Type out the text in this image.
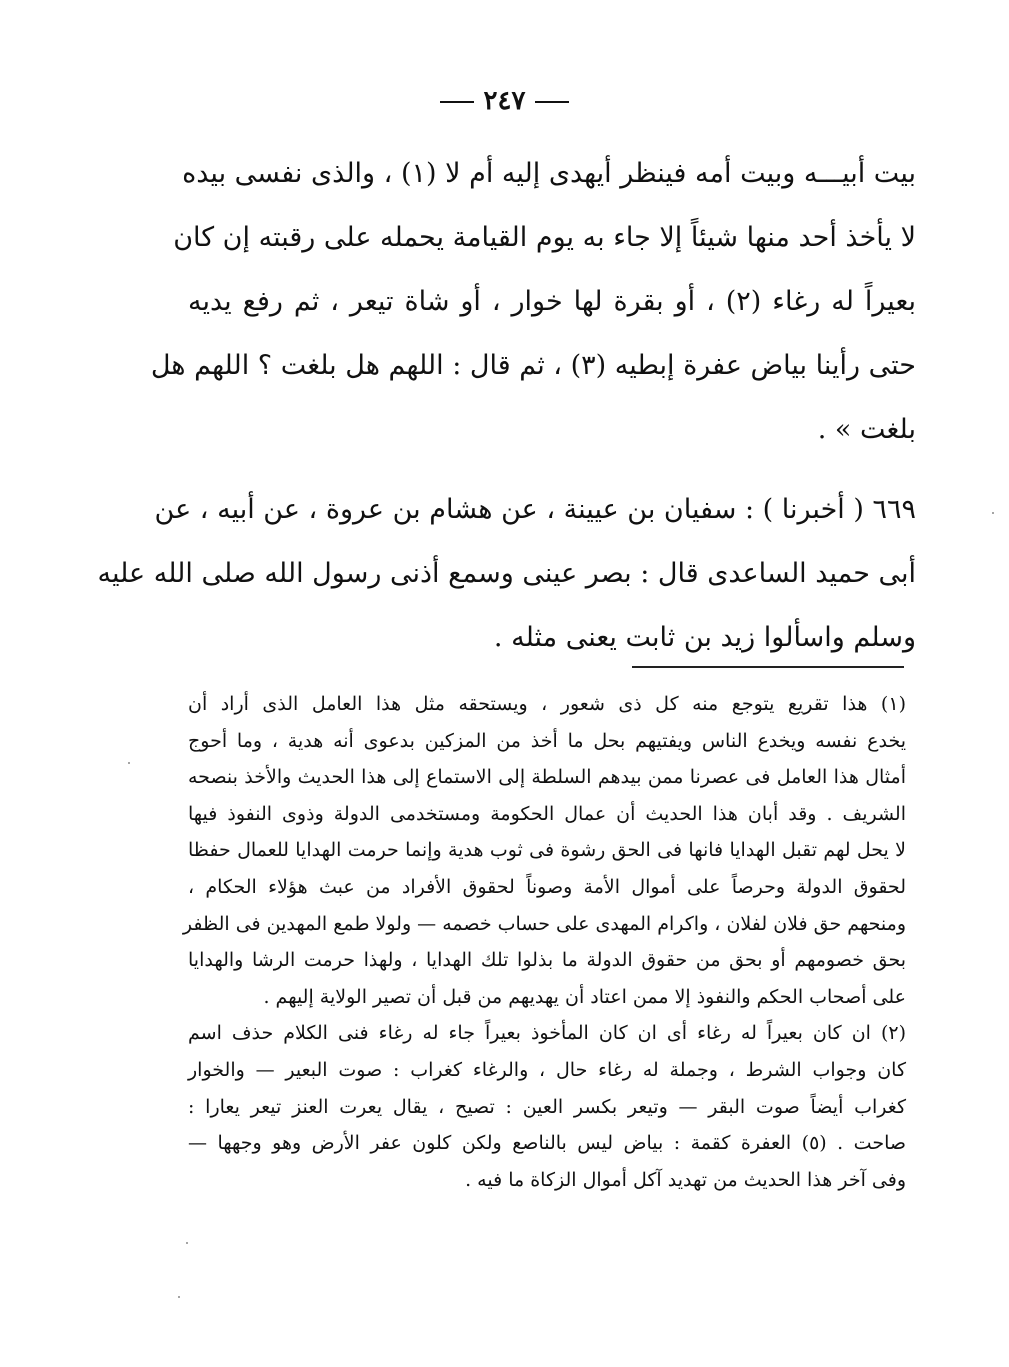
٢٤٧
بيت أبيـــه وبيت أمه فينظر أيهدى إليه أم لا (١) ، والذى نفسى بيده
لا يأخذ أحد منها شيئاً إلا جاء به يوم القيامة يحمله على رقبته إن كان
بعيراً له رغاء (٢) ، أو بقرة لها خوار ، أو شاة تيعر ، ثم رفع يديه
حتى رأينا بياض عفرة إبطيه (٣) ، ثم قال : اللهم هل بلغت ؟ اللهم هل
بلغت » .
٦٦٩ ( أخبرنا ) : سفيان بن عيينة ، عن هشام بن عروة ، عن أبيه ، عن
أبى حميد الساعدى قال : بصر عينى وسمع أذنى رسول الله صلى الله عليه
وسلم واسألوا زيد بن ثابت يعنى مثله .
(١) هذا تقريع يتوجع منه كل ذى شعور ، ويستحقه مثل هذا العامل الذى أراد أن
يخدع نفسه ويخدع الناس ويفتيهم بحل ما أخذ من المزكين بدعوى أنه هدية ، وما أحوج
أمثال هذا العامل فى عصرنا ممن بيدهم السلطة إلى الاستماع إلى هذا الحديث والأخذ بنصحه
الشريف . وقد أبان هذا الحديث أن عمال الحكومة ومستخدمى الدولة وذوى النفوذ فيها
لا يحل لهم تقبل الهدايا فانها فى الحق رشوة فى ثوب هدية وإنما حرمت الهدايا للعمال حفظا
لحقوق الدولة وحرصاً على أموال الأمة وصوناً لحقوق الأفراد من عبث هؤلاء الحكام ،
ومنحهم حق فلان لفلان ، واكرام المهدى على حساب خصمه — ولولا طمع المهدين فى الظفر
بحق خصومهم أو بحق من حقوق الدولة ما بذلوا تلك الهدايا ، ولهذا حرمت الرشا والهدايا
على أصحاب الحكم والنفوذ إلا ممن اعتاد أن يهديهم من قبل أن تصير الولاية إليهم .
(٢) ان كان بعيراً له رغاء أى ان كان المأخوذ بعيراً جاء له رغاء فنى الكلام حذف اسم
كان وجواب الشرط ، وجملة له رغاء حال ، والرغاء كغراب : صوت البعير — والخوار
كغراب أيضاً صوت البقر — وتيعر بكسر العين : تصيح ، يقال يعرت العنز تيعر يعارا :
صاحت . (٥) العفرة كقمة : بياض ليس بالناصع ولكن كلون عفر الأرض وهو وجهها —
وفى آخر هذا الحديث من تهديد آكل أموال الزكاة ما فيه .
